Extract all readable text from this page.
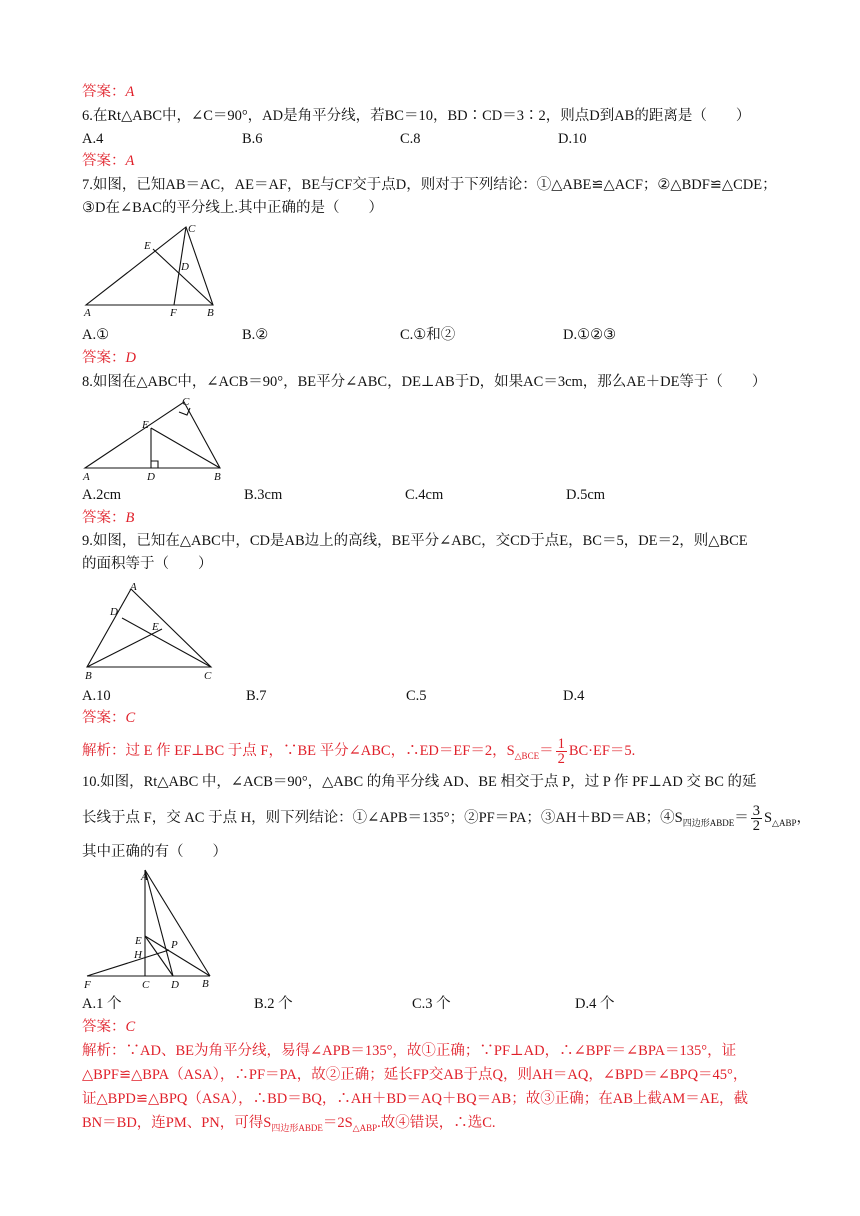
答案：A
6.在Rt△ABC中，∠C＝90°，AD是角平分线，若BC＝10，BD∶CD＝3∶2，则点D到AB的距离是（　　）
A.4	B.6	C.8	D.10
答案：A
7.如图，已知AB＝AC，AE＝AF，BE与CF交于点D，则对于下列结论：①△ABE≌△ACF；②△BDF≌△CDE；
③D在∠BAC的平分线上.其中正确的是（　　）
A	B
C
D
E
F
A.①	B.②	C.①和②	D.①②③
答案：D
8.如图在△ABC中，∠ACB＝90°，BE平分∠ABC，DE⊥AB于D，如果AC＝3cm，那么AE＋DE等于（　　）
A	B
C
D
E
A.2cm	B.3cm	C.4cm	D.5cm
答案：B
9.如图，已知在△ABC中，CD是AB边上的高线，BE平分∠ABC，交CD于点E，BC＝5，DE＝2，则△BCE
的面积等于（　　）
A
B	C
D
E
A.10	B.7	C.5	D.4
答案：C
解析：过 E 作 EF⊥BC 于点 F，∵BE 平分∠ABC，∴ED＝EF＝2，$S_{\triangle BCE}= \frac{1}{2} BC\cdot EF=5$.
10.如图，Rt△ABC 中，∠ACB＝90°，△ABC 的角平分线 AD、BE 相交于点 P，过 P 作 PF⊥AD 交 BC 的延
长线于点 F，交 AC 于点 H，则下列结论：①∠APB＝135°；②PF＝PA；③AH＋BD＝AB；$④S_{四边形ABDE}= \frac{3}{2} S_{\triangle ABP}$，
其中正确的有（　　）
A
B
C D
E
F
H
P
A.1 个	B.2 个	C.3 个	D.4 个
答案：C
解析：∵AD、BE为角平分线，易得∠APB＝135°，故①正确；∵PF⊥AD，∴∠BPF＝∠BPA＝135°，证
△BPF≌△BPA（ASA），∴PF＝PA，故②正确；延长FP交AB于点Q，则AH＝AQ，∠BPD＝∠BPQ＝45°，
证△BPD≌△BPQ（ASA），∴BD＝BQ，∴AH＋BD＝AQ＋BQ＝AB；故③正确；在AB上截AM＝AE，截
BN＝BD，连PM、PN，可得$S_{四边形ABDE}=2S_{\triangle ABP}$.故④错误，∴选C.
